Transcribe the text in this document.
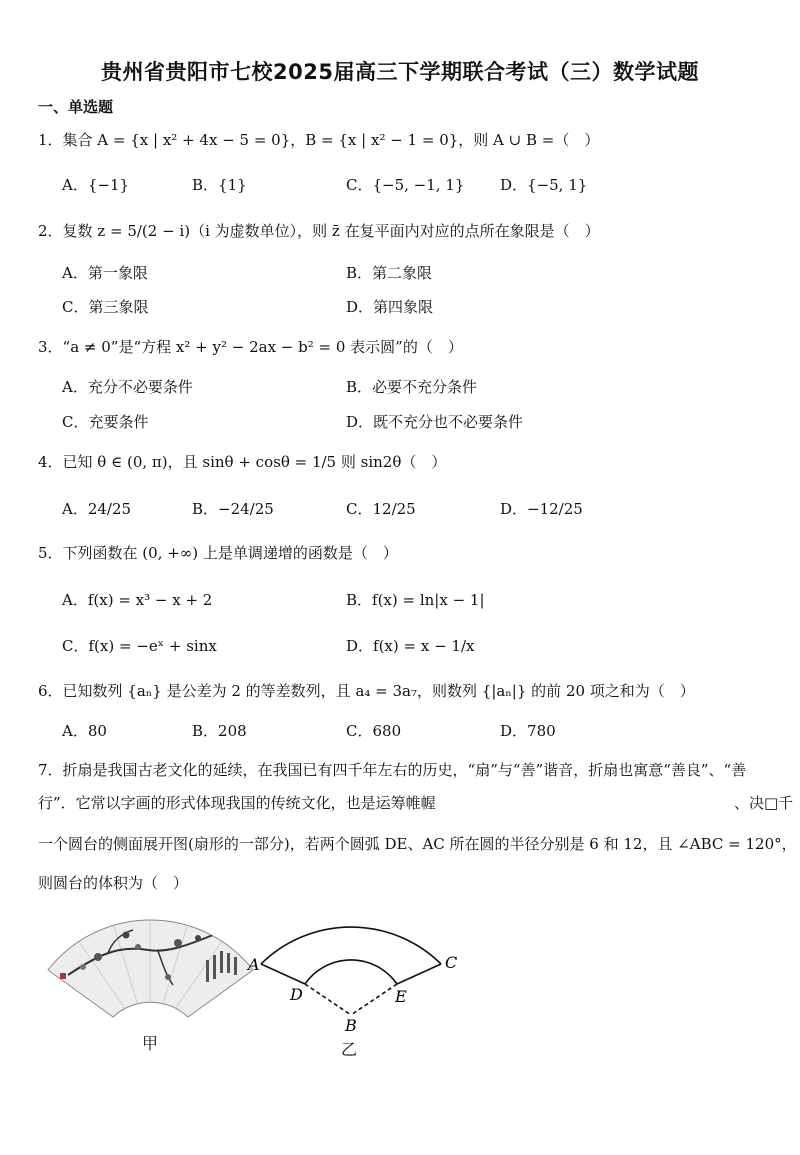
贵州省贵阳市七校2025届高三下学期联合考试（三）数学试题
一、单选题
1．集合 A = {x | x² + 4x − 5 = 0}，B = {x | x² − 1 = 0}，则 A ∪ B =（　）
A．{−1}	B．{1}	C．{−5, −1, 1} D．{−5, 1}
2．复数 z = 5/(2 − i)（i 为虚数单位），则 z̄ 在复平面内对应的点所在象限是（　）
A．第一象限	B．第二象限
C．第三象限	D．第四象限
3．“a ≠ 0”是“方程 x² + y² − 2ax − b² = 0 表示圆”的（　）
A．充分不必要条件	B．必要不充分条件
C．充要条件	D．既不充分也不必要条件
4．已知 θ ∈ (0, π)，且 sinθ + cosθ = 1/5 则 sin2θ（　）
A．24/25	B．−24/25	C．12/25	D．−12/25
5．下列函数在 (0, +∞) 上是单调递增的函数是（　）
A．f(x) = x³ − x + 2	B．f(x) = ln|x − 1|
C．f(x) = −eˣ + sinx	D．f(x) = x − 1/x
6．已知数列 {aₙ} 是公差为 2 的等差数列，且 a₄ = 3a₇，则数列 {|aₙ|} 的前 20 项之和为（　）
A．80	B．208	C．680	D．780
7．折扇是我国古老文化的延续，在我国已有四千年左右的历史，“扇”与“善”谐音，折扇也寓意“善良”、“善
行”．它常以字画的形式体现我国的传统文化，也是运筹帷幄	、决□千
一个圆台的侧面展开图(扇形的一部分)，若两个圆弧 DE、AC 所在圆的半径分别是 6 和 12，且 ∠ABC = 120°，
则圆台的体积为（　）
甲
A	C
D	E
B
乙
